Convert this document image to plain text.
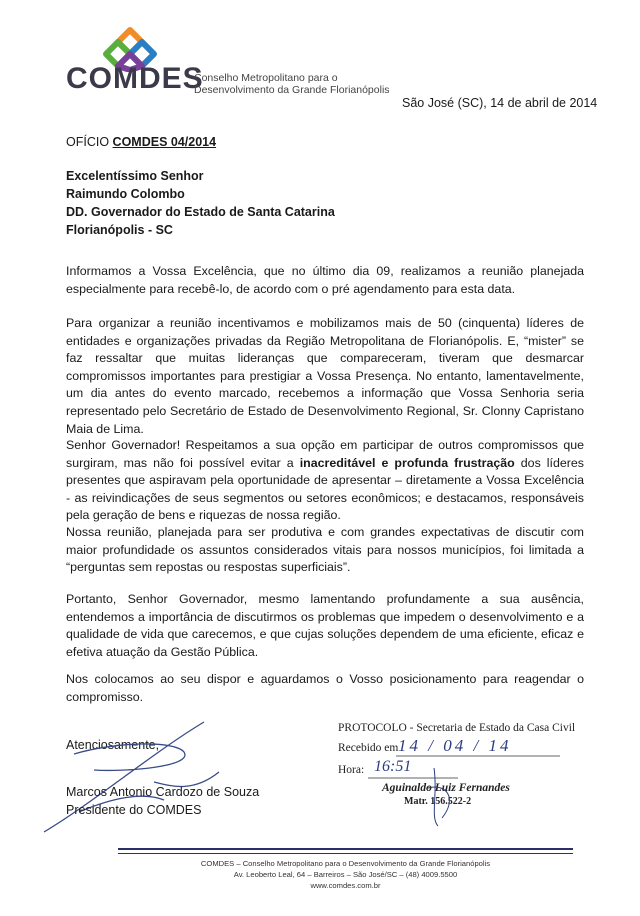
COMDES
Conselho Metropolitano para o
Desenvolvimento da Grande Florianópolis
São José (SC), 14 de abril de 2014
OFÍCIO COMDES 04/2014
Excelentíssimo Senhor
Raimundo Colombo
DD. Governador do Estado de Santa Catarina
Florianópolis - SC
Informamos a Vossa Excelência, que no último dia 09, realizamos a reunião planejada especialmente para recebê-lo, de acordo com o pré agendamento para esta data.
Para organizar a reunião incentivamos e mobilizamos mais de 50 (cinquenta) líderes de entidades e organizações privadas da Região Metropolitana de Florianópolis. E, “mister” se faz ressaltar que muitas lideranças que compareceram, tiveram que desmarcar compromissos importantes para prestigiar a Vossa Presença. No entanto, lamentavelmente, um dia antes do evento marcado, recebemos a informação que Vossa Senhoria seria representado pelo Secretário de Estado de Desenvolvimento Regional, Sr. Clonny Capristano Maia de Lima.
Senhor Governador! Respeitamos a sua opção em participar de outros compromissos que surgiram, mas não foi possível evitar a inacreditável e profunda frustração dos líderes presentes que aspiravam pela oportunidade de apresentar – diretamente a Vossa Excelência - as reivindicações de seus segmentos ou setores econômicos; e destacamos, responsáveis pela geração de bens e riquezas de nossa região.
Nossa reunião, planejada para ser produtiva e com grandes expectativas de discutir com maior profundidade os assuntos considerados vitais para nossos municípios, foi limitada a “perguntas sem repostas ou respostas superficiais”.
Portanto, Senhor Governador, mesmo lamentando profundamente a sua ausência, entendemos a importância de discutirmos os problemas que impedem o desenvolvimento e a qualidade de vida que carecemos, e que cujas soluções dependem de uma eficiente, eficaz e efetiva atuação da Gestão Pública.
Nos colocamos ao seu dispor e aguardamos o Vosso posicionamento para reagendar o compromisso.
Atenciosamente,
Marcos Antonio Cardozo de Souza
Presidente do COMDES
PROTOCOLO - Secretaria de Estado da Casa Civil
Recebido em 14 / 04 / 14
Hora: 16:51
Aguinaldo Luiz Fernandes
Matr. 156.522-2
COMDES – Conselho Metropolitano para o Desenvolvimento da Grande Florianópolis
Av. Leoberto Leal, 64 – Barreiros – São José/SC – (48) 4009.5500
www.comdes.com.br
